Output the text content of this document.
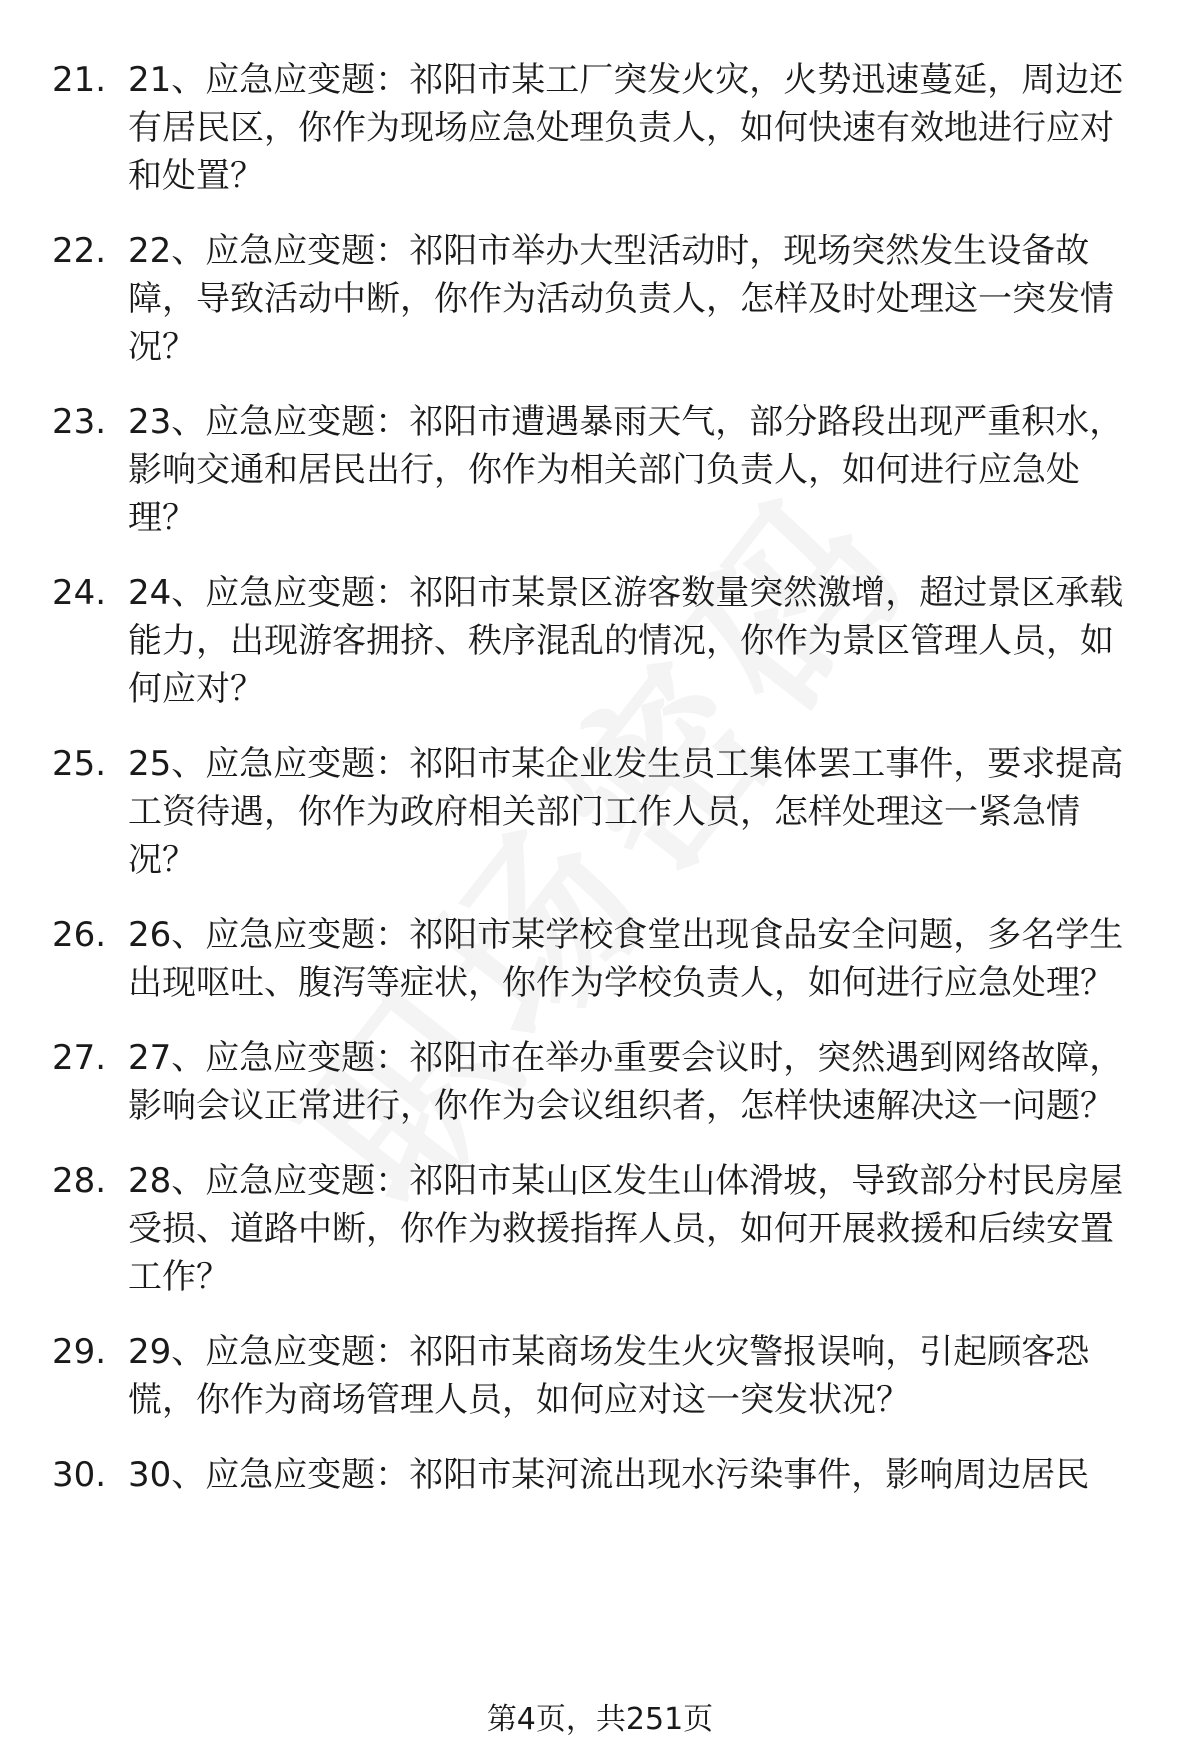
21. 21、应急应变题：祁阳市某工厂突发火灾，火势迅速蔓延，周边还有居民区，你作为现场应急处理负责人，如何快速有效地进行应对和处置？
22. 22、应急应变题：祁阳市举办大型活动时，现场突然发生设备故障，导致活动中断，你作为活动负责人，怎样及时处理这一突发情况？
23. 23、应急应变题：祁阳市遭遇暴雨天气，部分路段出现严重积水，影响交通和居民出行，你作为相关部门负责人，如何进行应急处理？
24. 24、应急应变题：祁阳市某景区游客数量突然激增，超过景区承载能力，出现游客拥挤、秩序混乱的情况，你作为景区管理人员，如何应对？
25. 25、应急应变题：祁阳市某企业发生员工集体罢工事件，要求提高工资待遇，你作为政府相关部门工作人员，怎样处理这一紧急情况？
26. 26、应急应变题：祁阳市某学校食堂出现食品安全问题，多名学生出现呕吐、腹泻等症状，你作为学校负责人，如何进行应急处理？
27. 27、应急应变题：祁阳市在举办重要会议时，突然遇到网络故障，影响会议正常进行，你作为会议组织者，怎样快速解决这一问题？
28. 28、应急应变题：祁阳市某山区发生山体滑坡，导致部分村民房屋受损、道路中断，你作为救援指挥人员，如何开展救援和后续安置工作？
29. 29、应急应变题：祁阳市某商场发生火灾警报误响，引起顾客恐慌，你作为商场管理人员，如何应对这一突发状况？
30. 30、应急应变题：祁阳市某河流出现水污染事件，影响周边居民
第4页，共251页
